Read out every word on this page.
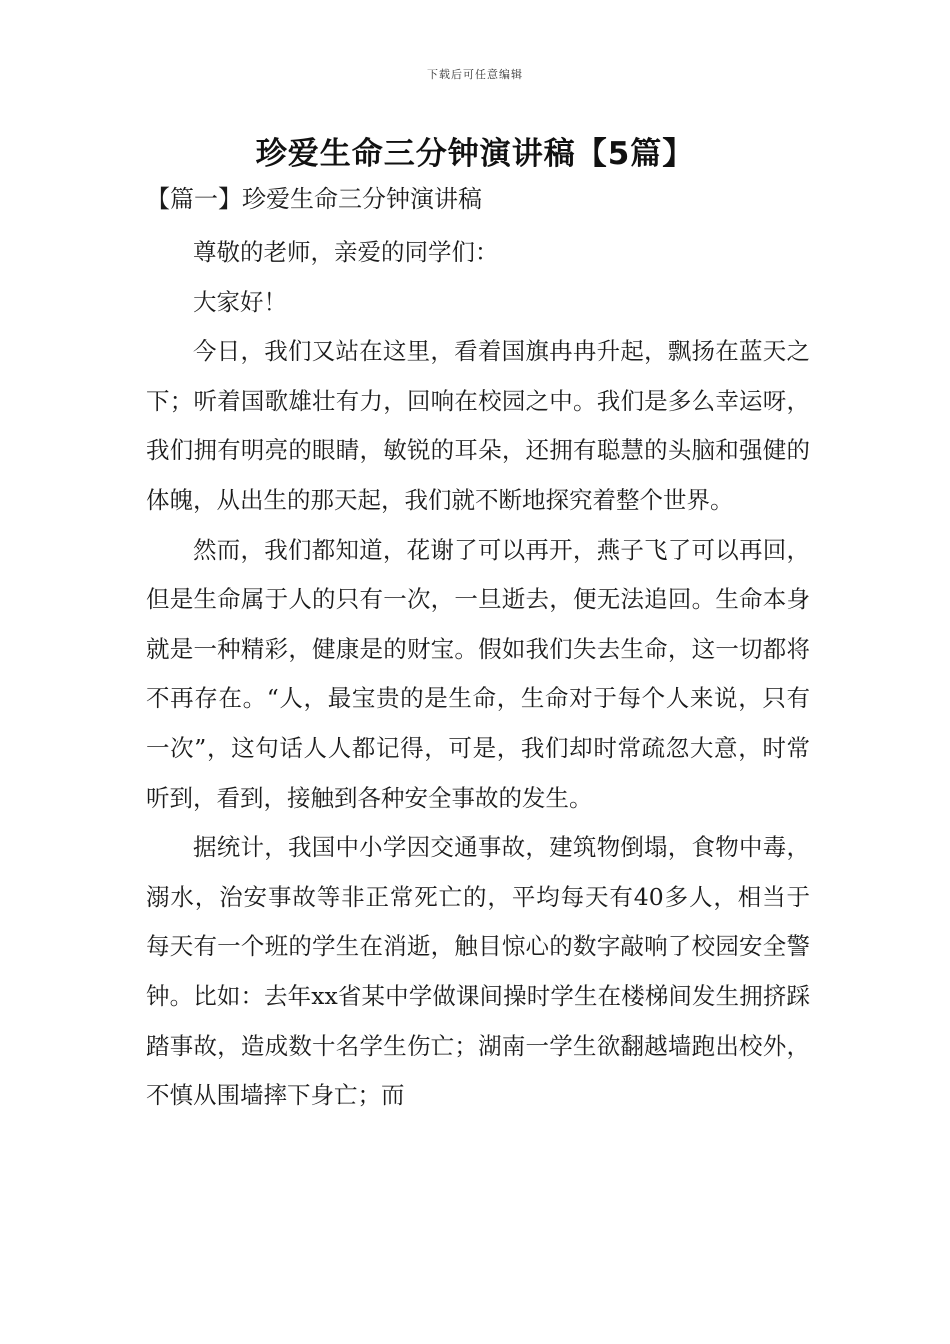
下载后可任意编辑
珍爱生命三分钟演讲稿【5篇】
【篇一】珍爱生命三分钟演讲稿

尊敬的老师，亲爱的同学们：

大家好！

今日，我们又站在这里，看着国旗冉冉升起，飘扬在蓝天之下；听着国歌雄壮有力，回响在校园之中。我们是多么幸运呀，我们拥有明亮的眼睛，敏锐的耳朵，还拥有聪慧的头脑和强健的体魄，从出生的那天起，我们就不断地探究着整个世界。

然而，我们都知道，花谢了可以再开，燕子飞了可以再回，但是生命属于人的只有一次，一旦逝去，便无法追回。生命本身就是一种精彩，健康是的财宝。假如我们失去生命，这一切都将不再存在。“人，最宝贵的是生命，生命对于每个人来说，只有一次”，这句话人人都记得，可是，我们却时常疏忽大意，时常听到，看到，接触到各种安全事故的发生。

据统计，我国中小学因交通事故，建筑物倒塌，食物中毒，溺水，治安事故等非正常死亡的，平均每天有40多人，相当于每天有一个班的学生在消逝，触目惊心的数字敲响了校园安全警钟。比如：去年xx省某中学做课间操时学生在楼梯间发生拥挤踩踏事故，造成数十名学生伤亡；湖南一学生欲翻越墙跑出校外，不慎从围墙摔下身亡；而
